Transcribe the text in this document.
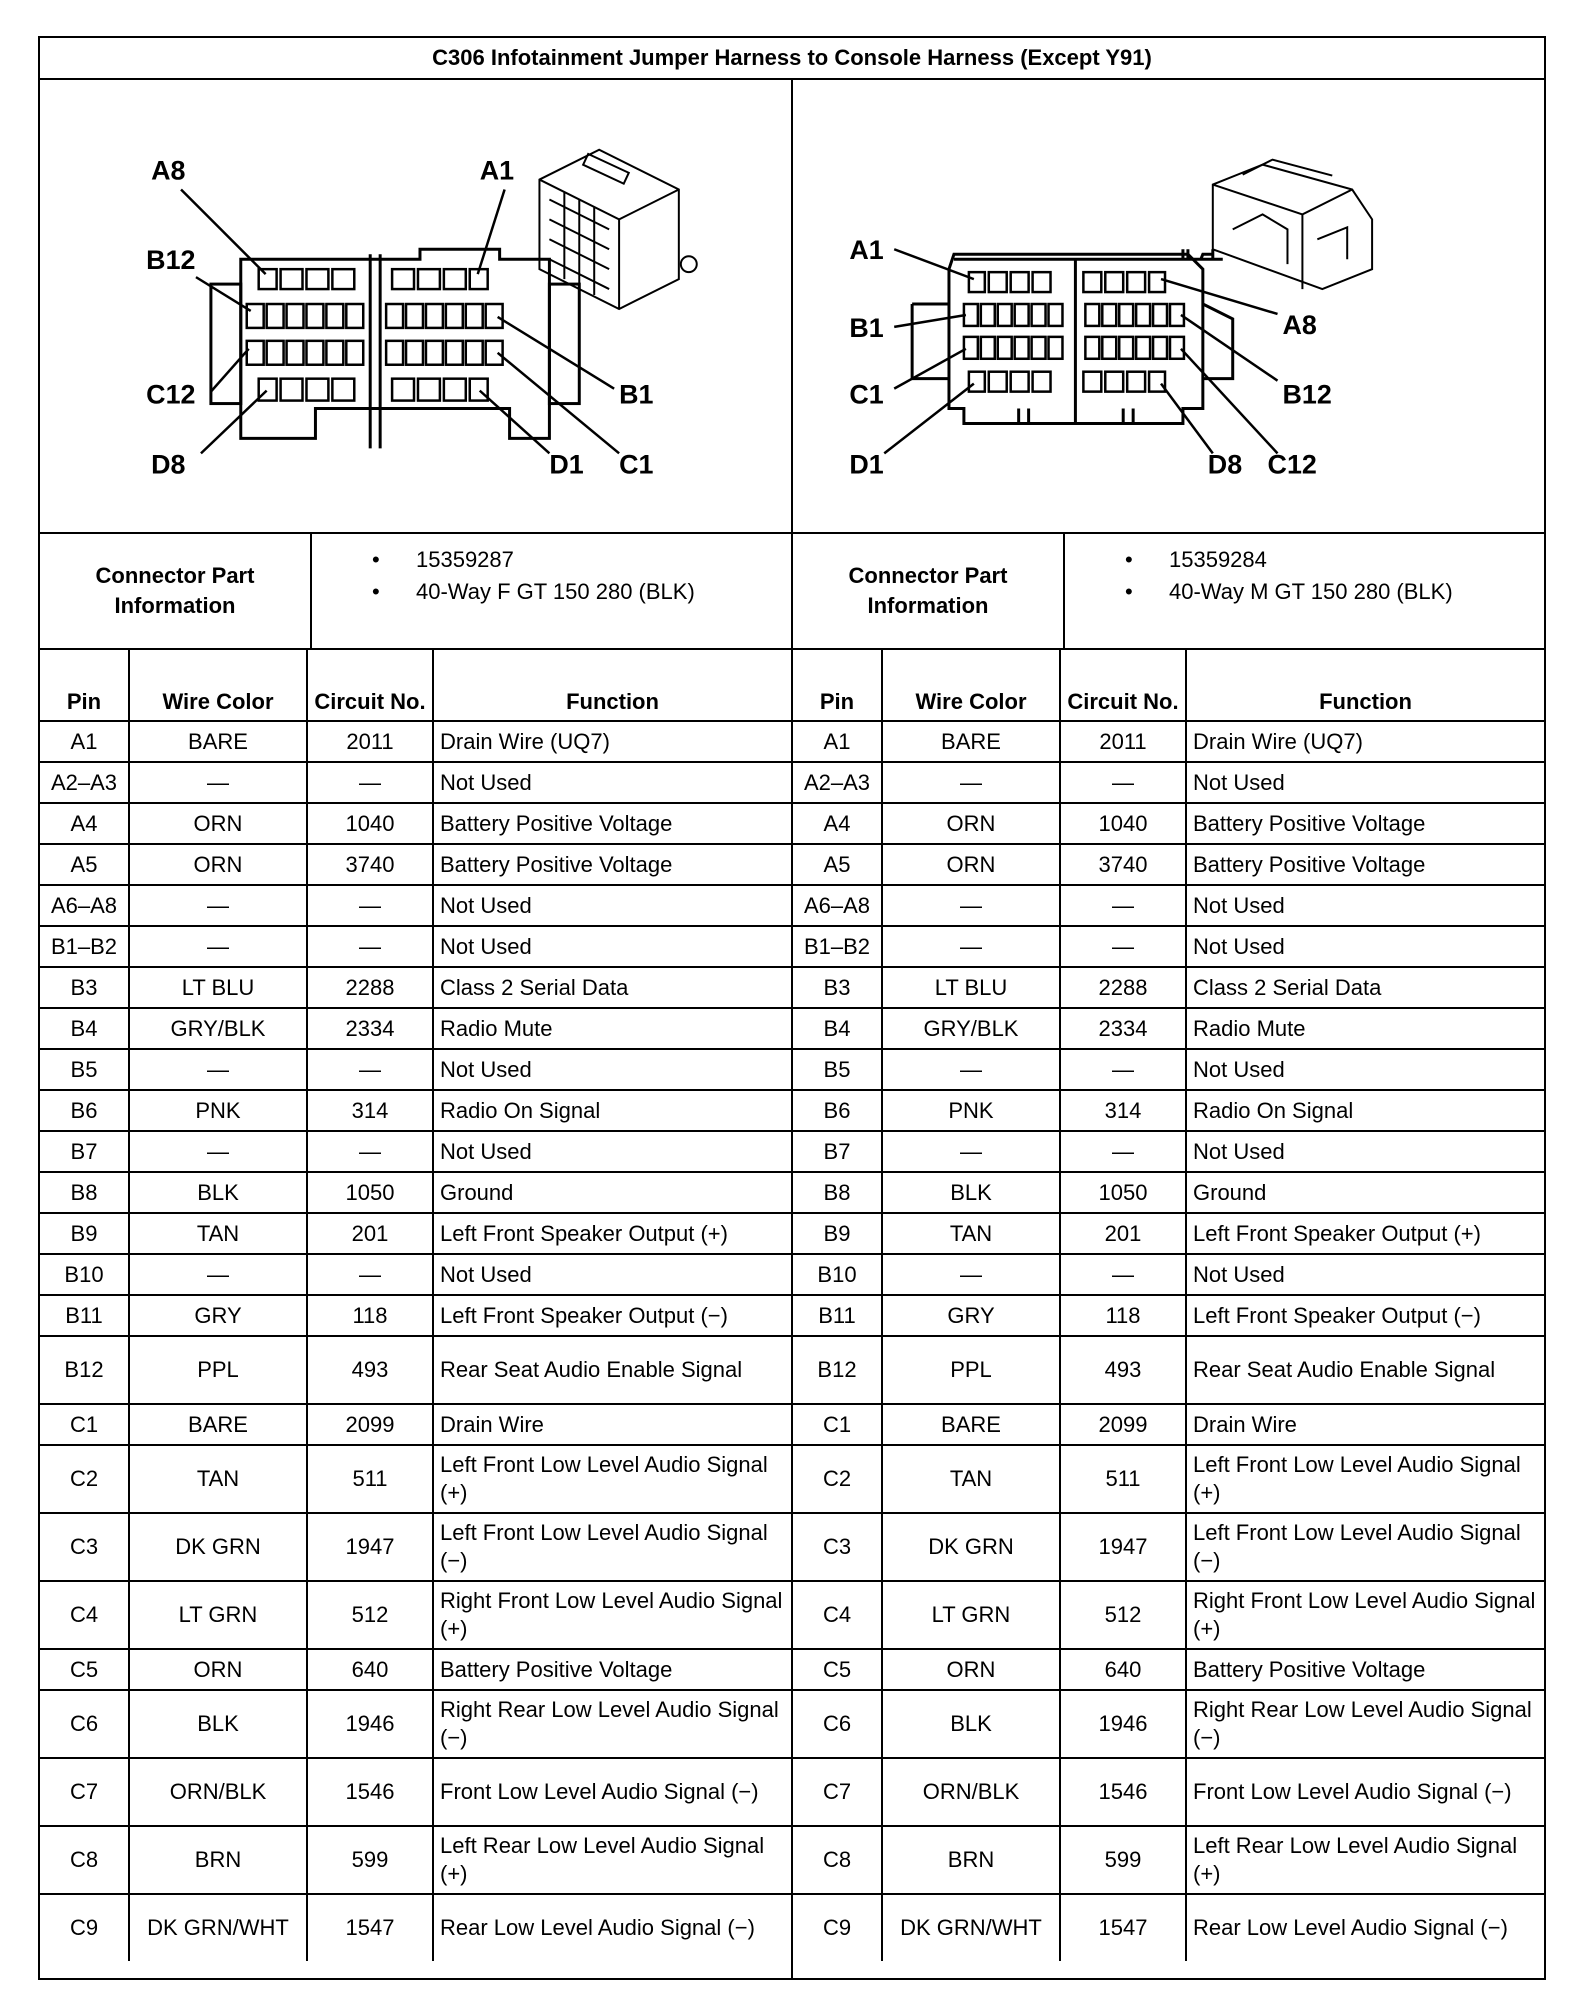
C306 Infotainment Jumper Harness to Console Harness (Except Y91)
A8	A1
B12
B1
C12
C1
D8	D1
A1
A8
B1
B12
C1
C12
D1	D8
Connector Part Information
• 15359287
• 40-Way F GT 150 280 (BLK)
Connector Part Information
• 15359284
• 40-Way M GT 150 280 (BLK)
Pin	Wire Color	Circuit No.	Function
A1	BARE	2011	Drain Wire (UQ7)
A2–A3	—	—	Not Used
A4	ORN	1040	Battery Positive Voltage
A5	ORN	3740	Battery Positive Voltage
A6–A8	—	—	Not Used
B1–B2	—	—	Not Used
B3	LT BLU	2288	Class 2 Serial Data
B4	GRY/BLK	2334	Radio Mute
B5	—	—	Not Used
B6	PNK	314	Radio On Signal
B7	—	—	Not Used
B8	BLK	1050	Ground
B9	TAN	201	Left Front Speaker Output (+)
B10	—	—	Not Used
B11	GRY	118	Left Front Speaker Output (−)
B12	PPL	493	Rear Seat Audio Enable Signal
C1	BARE	2099	Drain Wire
C2	TAN	511	Left Front Low Level Audio Signal (+)
C3	DK GRN	1947	Left Front Low Level Audio Signal (−)
C4	LT GRN	512	Right Front Low Level Audio Signal (+)
C5	ORN	640	Battery Positive Voltage
C6	BLK	1946	Right Rear Low Level Audio Signal (−)
C7	ORN/BLK	1546	Front Low Level Audio Signal (−)
C8	BRN	599	Left Rear Low Level Audio Signal (+)
C9	DK GRN/WHT	1547	Rear Low Level Audio Signal (−)
Pin	Wire Color	Circuit No.	Function
A1	BARE	2011	Drain Wire (UQ7)
A2–A3	—	—	Not Used
A4	ORN	1040	Battery Positive Voltage
A5	ORN	3740	Battery Positive Voltage
A6–A8	—	—	Not Used
B1–B2	—	—	Not Used
B3	LT BLU	2288	Class 2 Serial Data
B4	GRY/BLK	2334	Radio Mute
B5	—	—	Not Used
B6	PNK	314	Radio On Signal
B7	—	—	Not Used
B8	BLK	1050	Ground
B9	TAN	201	Left Front Speaker Output (+)
B10	—	—	Not Used
B11	GRY	118	Left Front Speaker Output (−)
B12	PPL	493	Rear Seat Audio Enable Signal
C1	BARE	2099	Drain Wire
C2	TAN	511	Left Front Low Level Audio Signal (+)
C3	DK GRN	1947	Left Front Low Level Audio Signal (−)
C4	LT GRN	512	Right Front Low Level Audio Signal (+)
C5	ORN	640	Battery Positive Voltage
C6	BLK	1946	Right Rear Low Level Audio Signal (−)
C7	ORN/BLK	1546	Front Low Level Audio Signal (−)
C8	BRN	599	Left Rear Low Level Audio Signal (+)
C9	DK GRN/WHT	1547	Rear Low Level Audio Signal (−)
